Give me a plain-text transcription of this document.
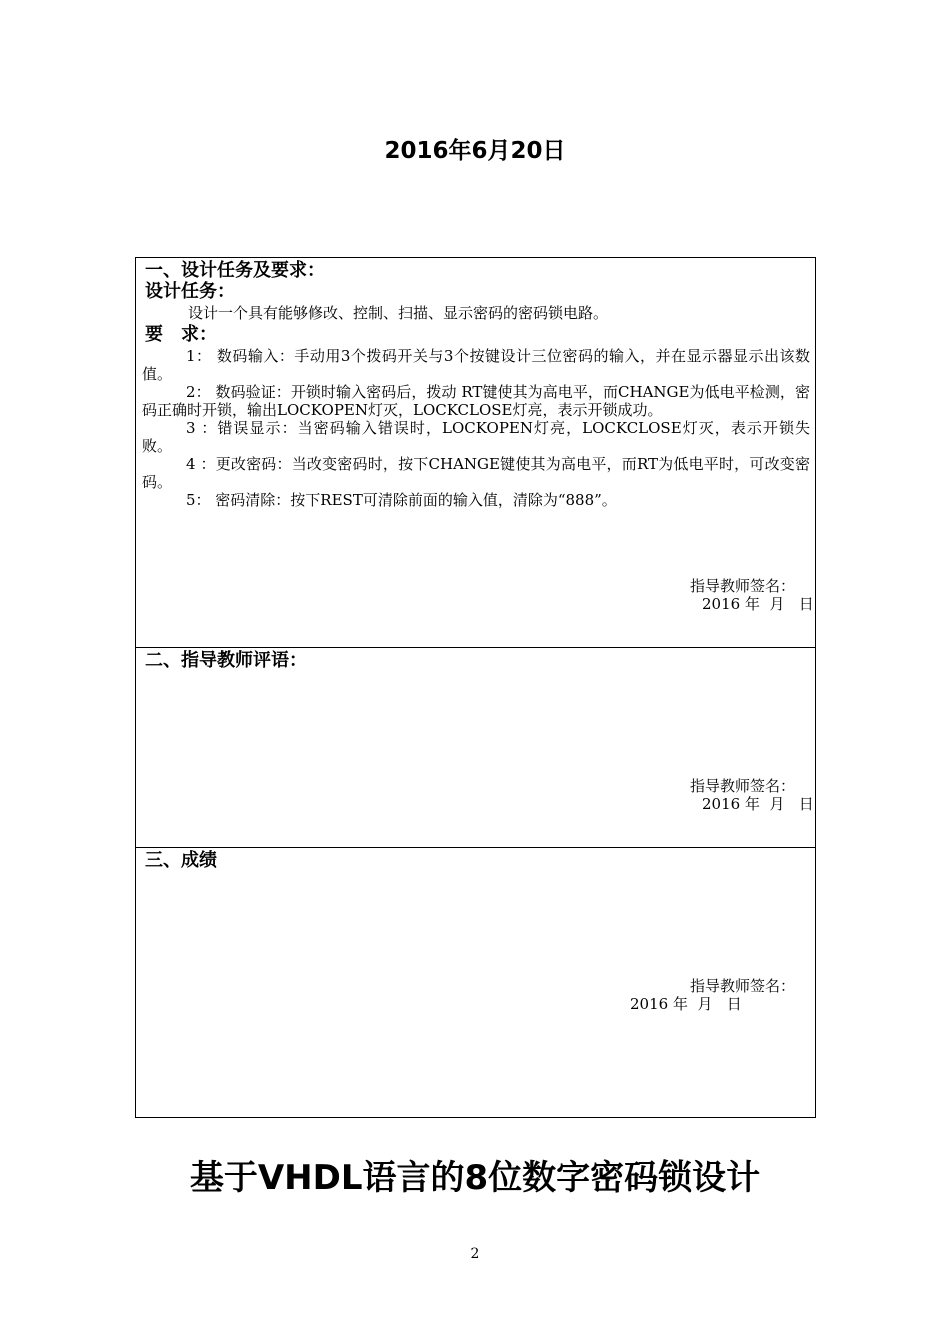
2016年6月20日
一、设计任务及要求：
设计任务：
设计一个具有能够修改、控制、扫描、显示密码的密码锁电路。
要　求：

1： 数码输入：手动用3个拨码开关与3个按键设计三位密码的输入，并在显示器显示出该数值。

2： 数码验证：开锁时输入密码后，拨动 RT键使其为高电平，而CHANGE为低电平检测，密码正确时开锁，输出LOCKOPEN灯灭，LOCKCLOSE灯亮，表示开锁成功。

3 ：错误显示：当密码输入错误时，LOCKOPEN灯亮，LOCKCLOSE灯灭，表示开锁失败。

4 ：更改密码：当改变密码时，按下CHANGE键使其为高电平，而RT为低电平时，可改变密码。

5： 密码清除：按下REST可清除前面的输入值，清除为“888”。

指导教师签名：
2016 年  月   日
二、指导教师评语：
指导教师签名：
2016 年  月   日
三、成绩
指导教师签名：
2016 年  月   日
基于VHDL语言的8位数字密码锁设计
2
